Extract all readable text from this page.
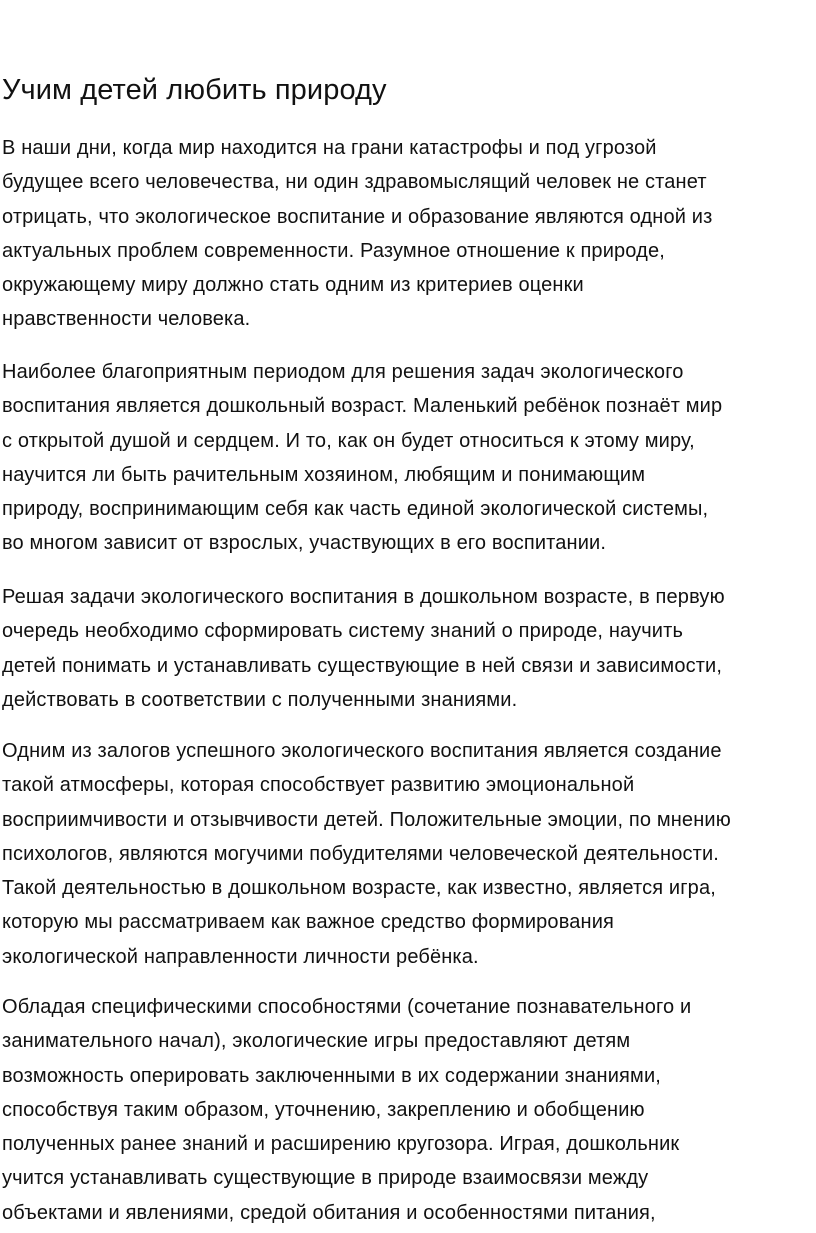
Учим детей любить природу

В наши дни, когда мир находится на грани катастрофы и под угрозой
будущее всего человечества, ни один здравомыслящий человек не станет
отрицать, что экологическое воспитание и образование являются одной из
актуальных проблем современности. Разумное отношение к природе,
окружающему миру должно стать одним из критериев оценки
нравственности человека.

Наиболее благоприятным периодом для решения задач экологического
воспитания является дошкольный возраст. Маленький ребёнок познаёт мир
с открытой душой и сердцем. И то, как он будет относиться к этому миру,
научится ли быть рачительным хозяином, любящим и понимающим
природу, воспринимающим себя как часть единой экологической системы,
во многом зависит от взрослых, участвующих в его воспитании.

Решая задачи экологического воспитания в дошкольном возрасте, в первую
очередь необходимо сформировать систему знаний о природе, научить
детей понимать и устанавливать существующие в ней связи и зависимости,
действовать в соответствии с полученными знаниями.

Одним из залогов успешного экологического воспитания является создание
такой атмосферы, которая способствует развитию эмоциональной
восприимчивости и отзывчивости детей. Положительные эмоции, по мнению
психологов, являются могучими побудителями человеческой деятельности.
Такой деятельностью в дошкольном возрасте, как известно, является игра,
которую мы рассматриваем как важное средство формирования
экологической направленности личности ребёнка.

Обладая специфическими способностями (сочетание познавательного и
занимательного начал), экологические игры предоставляют детям
возможность оперировать заключенными в их содержании знаниями,
способствуя таким образом, уточнению, закреплению и обобщению
полученных ранее знаний и расширению кругозора. Играя, дошкольник
учится устанавливать существующие в природе взаимосвязи между
объектами и явлениями, средой обитания и особенностями питания,
